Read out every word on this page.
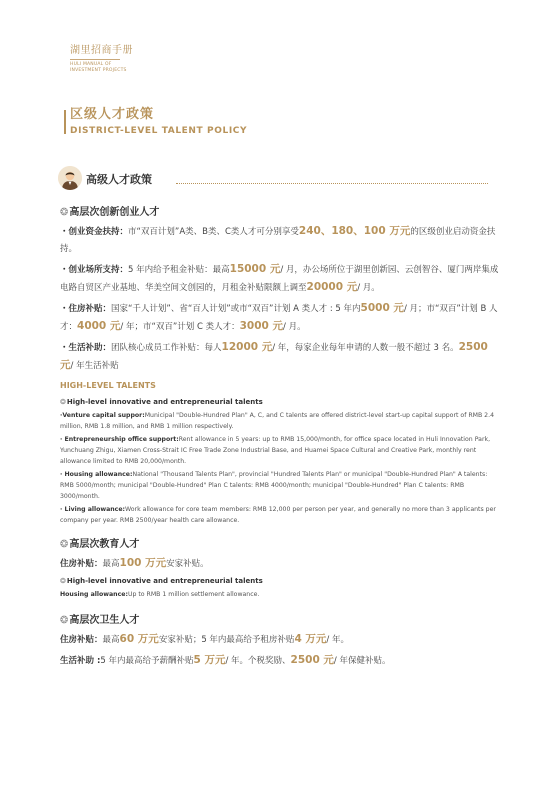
湖里招商手册
HULI MANUAL OF
INVESTMENT PROJECTS
区级人才政策
DISTRICT-LEVEL TALENT POLICY
高级人才政策
❂高层次创新创业人才

・创业资金扶持：市“双百计划”A类、B类、C类人才可分别享受240、180、100 万元的区级创业启动资金扶持。

・创业场所支持：5 年内给予租金补贴：最高15000 元/ 月，办公场所位于湖里创新园、云创智谷、厦门两岸集成电路自贸区产业基地、华美空间文创园的，月租金补贴限额上调至20000 元/ 月。

・住房补贴：国家“千人计划”、省“百人计划”或市“双百”计划 A 类人才 : 5 年内5000 元/ 月；市“双百”计划 B 人才：4000 元/ 年；市“双百”计划 C 类人才：3000 元/ 月。

・生活补助：团队核心成员工作补贴：每人12000 元/ 年，每家企业每年申请的人数一般不超过 3 名。2500 元/ 年生活补贴

HIGH-LEVEL TALENTS
❂High-level innovative and entrepreneurial talents

·Venture capital suppor:Municipal "Double-Hundred Plan" A, C, and C talents are offered district-level start-up capital support of RMB 2.4 million, RMB 1.8 million, and RMB 1 million respectively.

· Entrepreneurship office support:Rent allowance in 5 years: up to RMB 15,000/month, for office space located in Huli Innovation Park, Yunchuang Zhigu, Xiamen Cross-Strait IC Free Trade Zone Industrial Base, and Huamei Space Cultural and Creative Park, monthly rent allowance limited to RMB 20,000/month.

· Housing allowance:National "Thousand Talents Plan", provincial "Hundred Talents Plan" or municipal "Double-Hundred Plan" A talents: RMB 5000/month; municipal "Double-Hundred" Plan C talents: RMB 4000/month; municipal "Double-Hundred" Plan C talents: RMB 3000/month.

· Living allowance:Work allowance for core team members: RMB 12,000 per person per year, and generally no more than 3 applicants per company per year. RMB 2500/year health care allowance.

❂高层次教育人才

住房补贴：最高100 万元安家补贴。

❂High-level innovative and entrepreneurial talents

Housing allowance:Up to RMB 1 million settlement allowance.

❂高层次卫生人才

住房补贴：最高60 万元安家补贴；5 年内最高给予租房补贴4 万元/ 年。

生活补助 :5 年内最高给予薪酬补贴5 万元/ 年。个税奖励、2500 元/ 年保健补贴。
